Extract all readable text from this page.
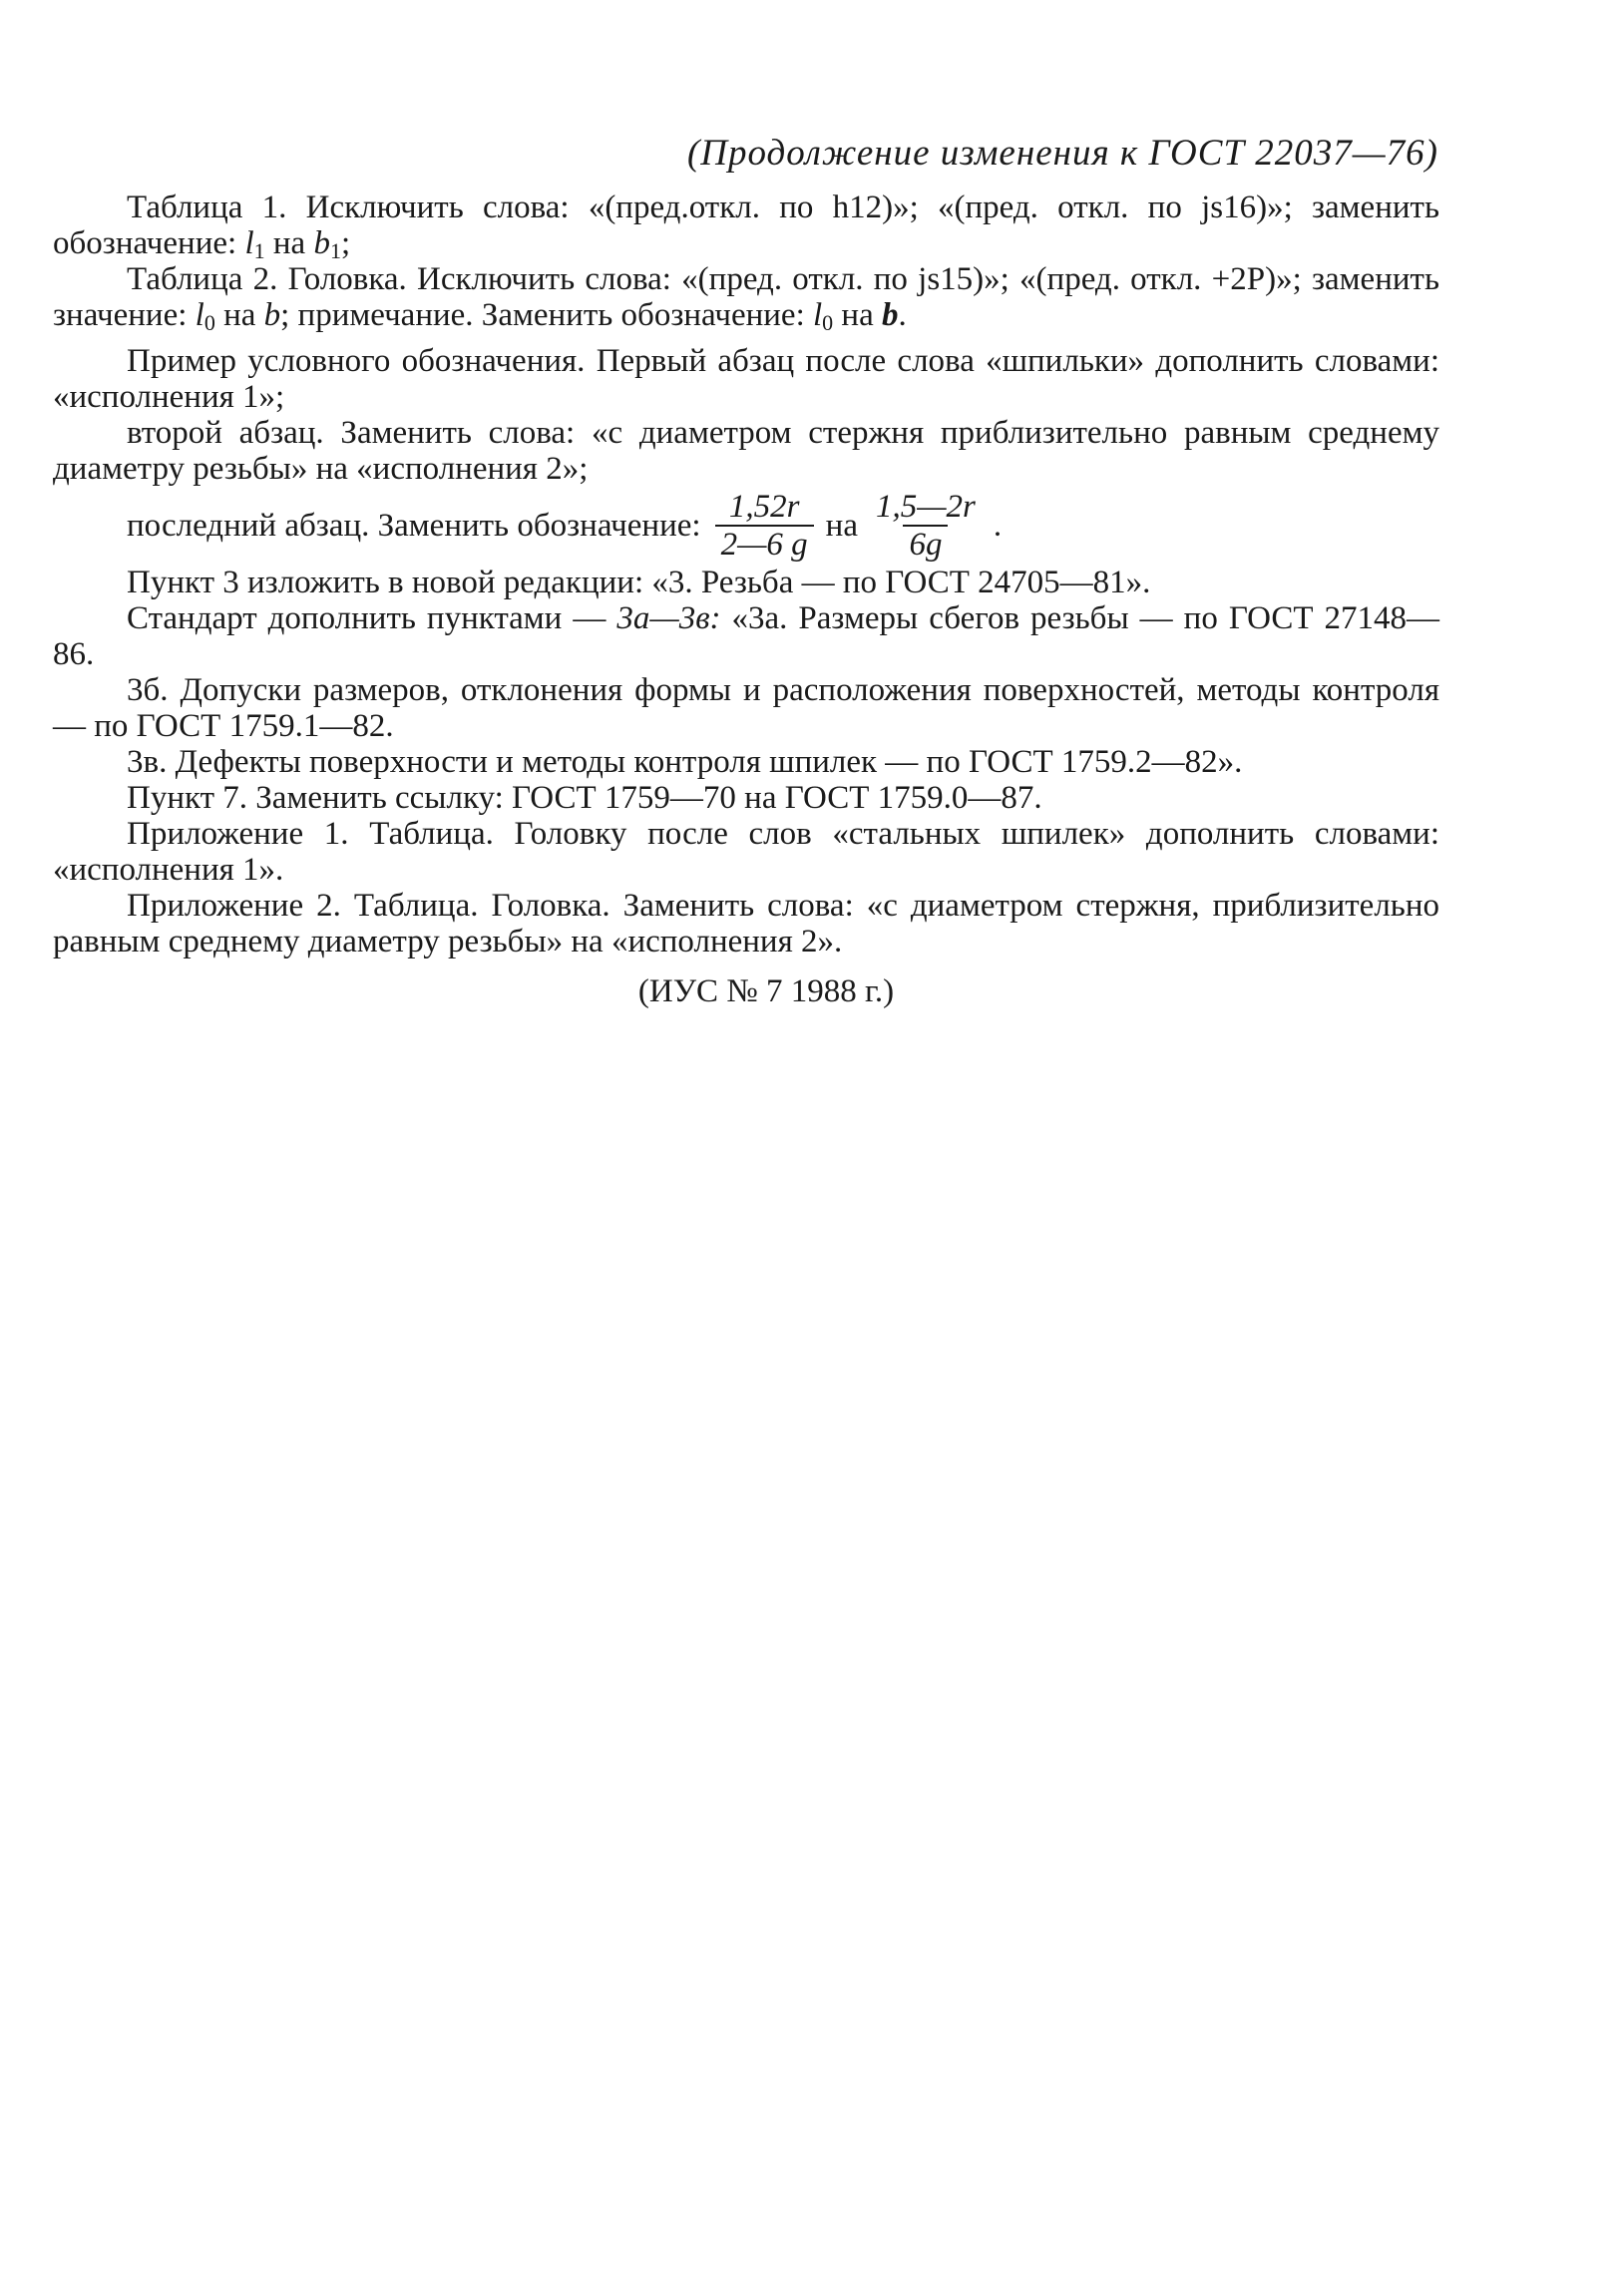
(Продолжение изменения к ГОСТ 22037—76)

Таблица 1. Исключить слова: «(пред.откл. по h12)»; «(пред. откл. по js16)»; заменить обозначение: $l_1$ на $b_1$;

Таблица 2. Головка. Исключить слова: «(пред. откл. по js15)»; «(пред. откл. +2P)»; заменить значение: $l_0$ на b; примечание. Заменить обозначение: $l_0$ на b.

Пример условного обозначения. Первый абзац после слова «шпильки» дополнить словами: «исполнения 1»;

второй абзац. Заменить слова: «с диаметром стержня приблизительно равным среднему диаметру резьбы» на «исполнения 2»;

последний абзац. Заменить обозначение: $\frac{1,52r}{2—6 g}$ на $\frac{1,5—2r}{6g}$ .

Пункт 3 изложить в новой редакции: «3. Резьба — по ГОСТ 24705—81».

Стандарт дополнить пунктами — 3а—3в: «3а. Размеры сбегов резьбы — по ГОСТ 27148—86.

3б. Допуски размеров, отклонения формы и расположения поверхностей, методы контроля — по ГОСТ 1759.1—82.

3в. Дефекты поверхности и методы контроля шпилек — по ГОСТ 1759.2—82».

Пункт 7. Заменить ссылку: ГОСТ 1759—70 на ГОСТ 1759.0—87.

Приложение 1. Таблица. Головку после слов «стальных шпилек» дополнить словами: «исполнения 1».

Приложение 2. Таблица. Головка. Заменить слова: «с диаметром стержня, приблизительно равным среднему диаметру резьбы» на «исполнения 2».

(ИУС № 7 1988 г.)
